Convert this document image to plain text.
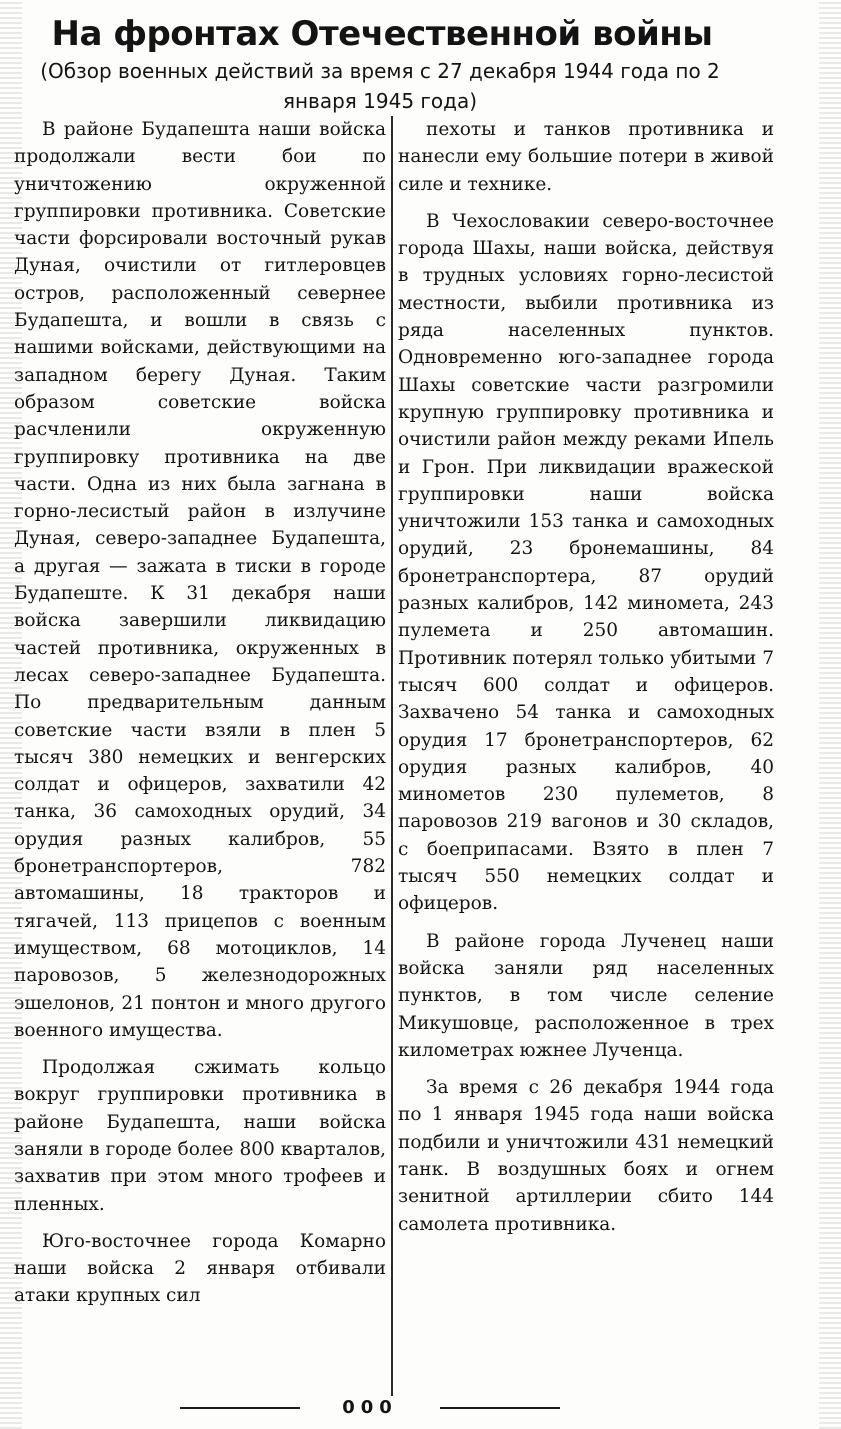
На фронтах Отечественной войны
(Обзор военных действий за время с 27 декабря 1944 года по 2 января 1945 года)

В районе Будапешта наши войска продолжали вести бои по уничтожению окруженной группировки противника. Советские части форсировали восточный рукав Дуная, очистили от гитлеровцев остров, расположенный севернее Будапешта, и вошли в связь с нашими войсками, действующими на западном берегу Дуная. Таким образом советские войска расчленили окруженную группировку противника на две части. Одна из них была загнана в горно-лесистый район в излучине Дуная, северо-западнее Будапешта, а другая — зажата в тиски в городе Будапеште. К 31 декабря наши войска завершили ликвидацию частей противника, окруженных в лесах северо-западнее Будапешта. По предварительным данным советские части взяли в плен 5 тысяч 380 немецких и венгерских солдат и офицеров, захватили 42 танка, 36 самоходных орудий, 34 орудия разных калибров, 55 бронетранспортеров, 782 автомашины, 18 тракторов и тягачей, 113 прицепов с военным имуществом, 68 мотоциклов, 14 паровозов, 5 железнодорожных эшелонов, 21 понтон и много другого военного имущества.

Продолжая сжимать кольцо вокруг группировки противника в районе Будапешта, наши войска заняли в городе более 800 кварталов, захватив при этом много трофеев и пленных.

Юго-восточнее города Комарно наши войска 2 января отбивали атаки крупных сил

пехоты и танков противника и нанесли ему большие потери в живой силе и технике.

В Чехословакии северо-восточнее города Шахы, наши войска, действуя в трудных условиях горно-лесистой местности, выбили противника из ряда населенных пунктов. Одновременно юго-западнее города Шахы советские части разгромили крупную группировку противника и очистили район между реками Ипель и Грон. При ликвидации вражеской группировки наши войска уничтожили 153 танка и самоходных орудий, 23 бронемашины, 84 бронетранспортера, 87 орудий разных калибров, 142 миномета, 243 пулемета и 250 автомашин. Противник потерял только убитыми 7 тысяч 600 солдат и офицеров. Захвачено 54 танка и самоходных орудия 17 бронетранспортеров, 62 орудия разных калибров, 40 минометов 230 пулеметов, 8 паровозов 219 вагонов и 30 складов, с боеприпасами. Взято в плен 7 тысяч 550 немецких солдат и офицеров.

В районе города Лученец наши войска заняли ряд населенных пунктов, в том числе селение Микушовце, расположенное в трех километрах южнее Лученца.

За время с 26 декабря 1944 года по 1 января 1945 года наши войска подбили и уничтожили 431 немецкий танк. В воздушных боях и огнем зенитной артиллерии сбито 144 самолета противника.

000
